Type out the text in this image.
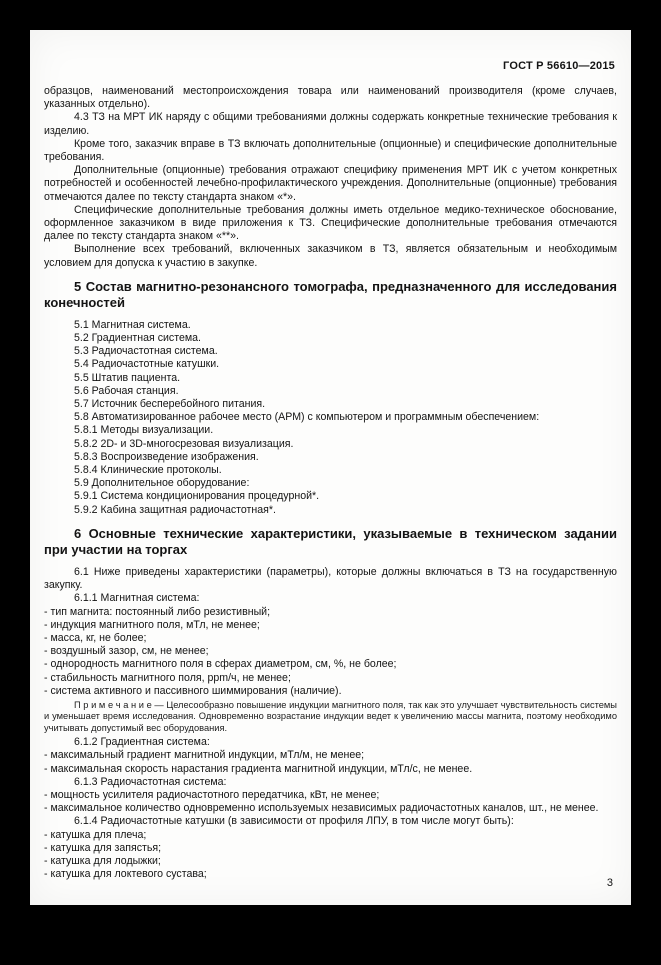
ГОСТ Р 56610—2015
образцов, наименований местопроисхождения товара или наименований производителя (кроме случаев, указанных отдельно).
4.3 ТЗ на МРТ ИК наряду с общими требованиями должны содержать конкретные технические требования к изделию.
Кроме того, заказчик вправе в ТЗ включать дополнительные (опционные) и специфические дополнительные требования.
Дополнительные (опционные) требования отражают специфику применения МРТ ИК с учетом конкретных потребностей и особенностей лечебно-профилактического учреждения. Дополнительные (опционные) требования отмечаются далее по тексту стандарта знаком «*».
Специфические дополнительные требования должны иметь отдельное медико-техническое обоснование, оформленное заказчиком в виде приложения к ТЗ. Специфические дополнительные требования отмечаются далее по тексту стандарта знаком «**».
Выполнение всех требований, включенных заказчиком в ТЗ, является обязательным и необходимым условием для допуска к участию в закупке.
5 Состав магнитно-резонансного томографа, предназначенного для исследования конечностей
5.1 Магнитная система.
5.2 Градиентная система.
5.3 Радиочастотная система.
5.4 Радиочастотные катушки.
5.5 Штатив пациента.
5.6 Рабочая станция.
5.7 Источник бесперебойного питания.
5.8 Автоматизированное рабочее место (АРМ) с компьютером и программным обеспечением:
5.8.1 Методы визуализации.
5.8.2 2D- и 3D-многосрезовая визуализация.
5.8.3 Воспроизведение изображения.
5.8.4 Клинические протоколы.
5.9 Дополнительное оборудование:
5.9.1 Система кондиционирования процедурной*.
5.9.2 Кабина защитная радиочастотная*.
6 Основные технические характеристики, указываемые в техническом задании при участии на торгах
6.1 Ниже приведены характеристики (параметры), которые должны включаться в ТЗ на государственную закупку.
6.1.1 Магнитная система:
- тип магнита: постоянный либо резистивный;
- индукция магнитного поля, мТл, не менее;
- масса, кг, не более;
- воздушный зазор, см, не менее;
- однородность магнитного поля в сферах диаметром, см, %, не более;
- стабильность магнитного поля, ppm/ч, не менее;
- система активного и пассивного шиммирования (наличие).
П р и м е ч а н и е — Целесообразно повышение индукции магнитного поля, так как это улучшает чувствительность системы и уменьшает время исследования. Одновременно возрастание индукции ведет к увеличению массы магнита, поэтому необходимо учитывать допустимый вес оборудования.
6.1.2 Градиентная система:
- максимальный градиент магнитной индукции, мТл/м, не менее;
- максимальная скорость нарастания градиента магнитной индукции, мТл/с, не менее.
6.1.3 Радиочастотная система:
- мощность усилителя радиочастотного передатчика, кВт, не менее;
- максимальное количество одновременно используемых независимых радиочастотных каналов, шт., не менее.
6.1.4 Радиочастотные катушки (в зависимости от профиля ЛПУ, в том числе могут быть):
- катушка для плеча;
- катушка для запястья;
- катушка для лодыжки;
- катушка для локтевого сустава;
3
